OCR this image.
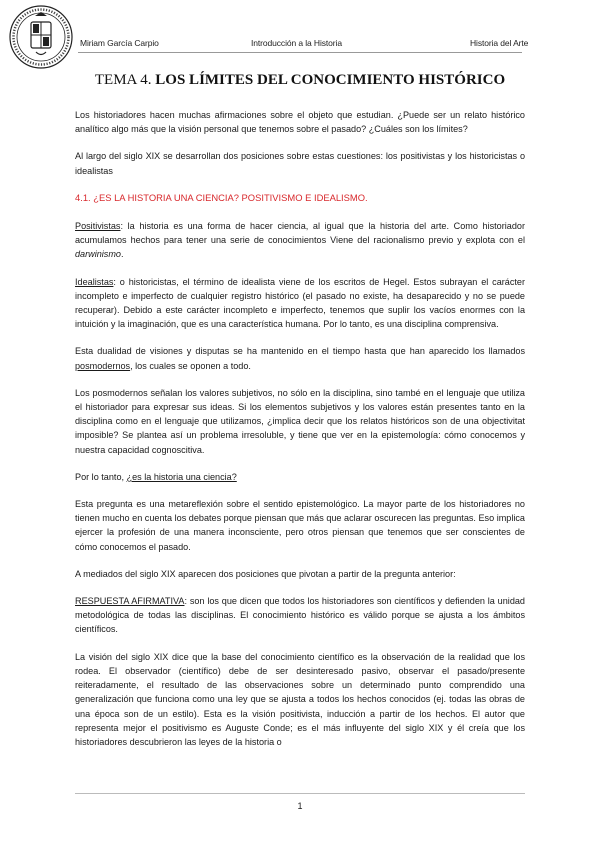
Miriam García Carpio	Introducción a la Historia	Historia del Arte
TEMA 4. LOS LÍMITES DEL CONOCIMIENTO HISTÓRICO

Los historiadores hacen muchas afirmaciones sobre el objeto que estudian. ¿Puede ser un relato histórico analítico algo más que la visión personal que tenemos sobre el pasado? ¿Cuáles son los límites?

Al largo del siglo XIX se desarrollan dos posiciones sobre estas cuestiones: los positivistas y los historicistas o idealistas

4.1. ¿ES LA HISTORIA UNA CIENCIA? POSITIVISMO E IDEALISMO.

Positivistas: la historia es una forma de hacer ciencia, al igual que la historia del arte. Como historiador acumulamos hechos para tener una serie de conocimientos Viene del racionalismo previo y explota con el darwinismo.

Idealistas: o historicistas, el término de idealista viene de los escritos de Hegel. Estos subrayan el carácter incompleto e imperfecto de cualquier registro histórico (el pasado no existe, ha desaparecido y no se puede recuperar). Debido a este carácter incompleto e imperfecto, tenemos que suplir los vacíos enormes con la intuición y la imaginación, que es una característica humana. Por lo tanto, es una disciplina comprensiva.

Esta dualidad de visiones y disputas se ha mantenido en el tiempo hasta que han aparecido los llamados posmodernos, los cuales se oponen a todo.

Los posmodernos señalan los valores subjetivos, no sólo en la disciplina, sino també en el lenguaje que utiliza el historiador para expresar sus ideas. Si los elementos subjetivos y los valores están presentes tanto en la disciplina como en el lenguaje que utilizamos, ¿implica decir que los relatos históricos son de una objectivitat imposible? Se plantea así un problema irresoluble, y tiene que ver en la epistemología: cómo conocemos y nuestra capacidad cognoscitiva.

Por lo tanto, ¿es la historia una ciencia?

Esta pregunta es una metareflexión sobre el sentido epistemológico. La mayor parte de los historiadores no tienen mucho en cuenta los debates porque piensan que más que aclarar oscurecen las preguntas. Eso implica ejercer la profesión de una manera inconsciente, pero otros piensan que tenemos que ser conscientes de cómo conocemos el pasado.

A mediados del siglo XIX aparecen dos posiciones que pivotan a partir de la pregunta anterior:

RESPUESTA AFIRMATIVA: son los que dicen que todos los historiadores son científicos y defienden la unidad metodológica de todas las disciplinas. El conocimiento histórico es válido porque se ajusta a los ámbitos científicos.

La visión del siglo XIX dice que la base del conocimiento científico es la observación de la realidad que los rodea. El observador (científico) debe de ser desinteresado pasivo, observar el pasado/presente reiteradamente, el resultado de las observaciones sobre un determinado punto comprendido una generalización que funciona como una ley que se ajusta a todos los hechos conocidos (ej. todas las obras de una época son de un estilo). Esta es la visión positivista, inducción a partir de los hechos. El autor que representa mejor el positivismo es Auguste Conde; es el más influyente del siglo XIX y él creía que los historiadores descubrieron las leyes de la historia o

1
